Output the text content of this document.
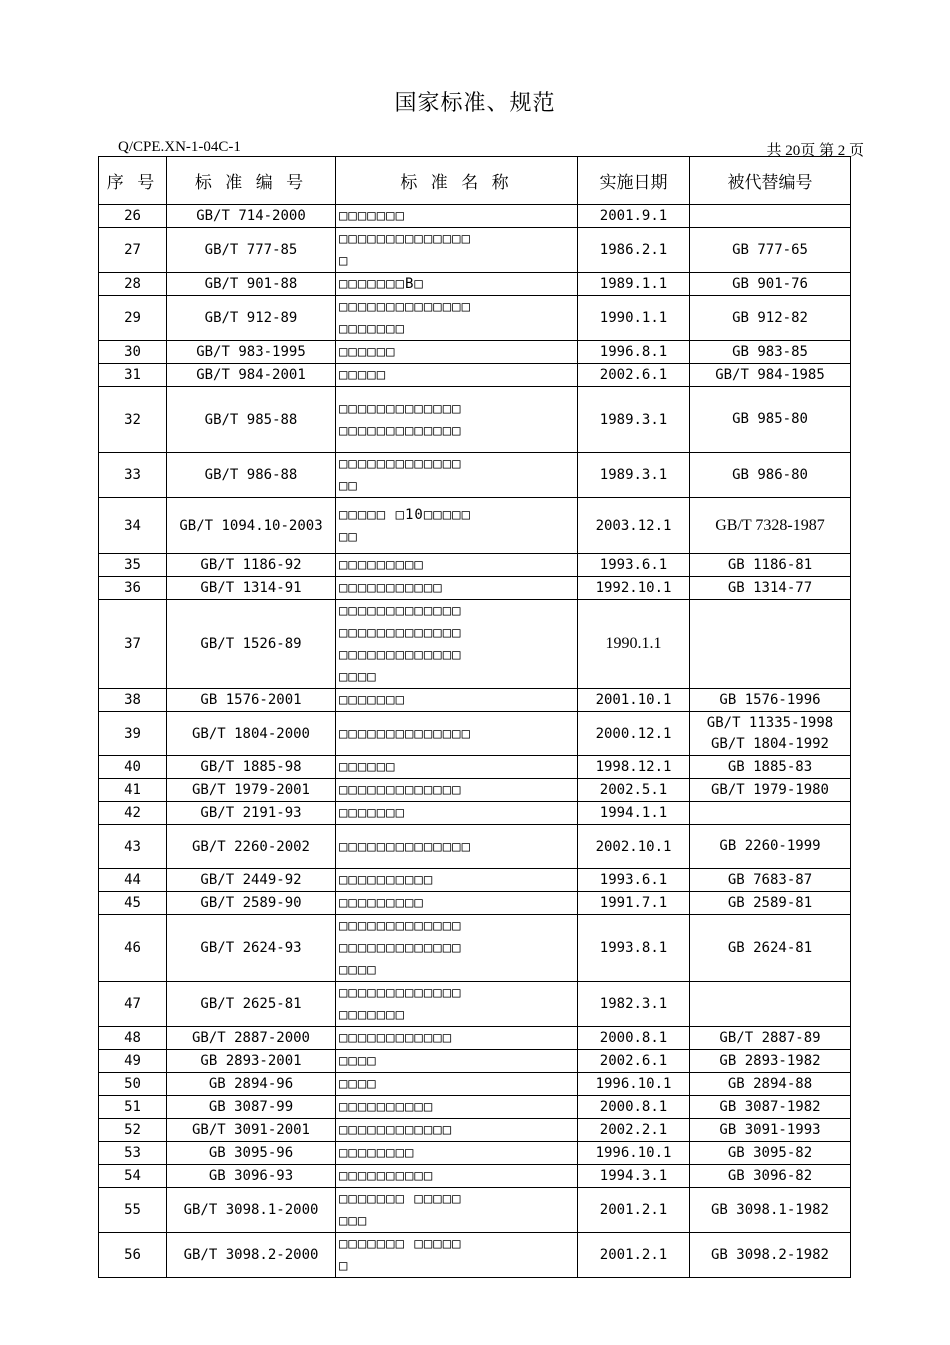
国家标准、规范
Q/CPE.XN-1-04C-1	共 20页 第 2 页
序 号	标 准 编 号	标 准 名 称	实施日期	被代替编号
26	GB/T 714-2000	□□□□□□□	2001.9.1	
27	GB/T 777-85	□□□□□□□□□□□□□□
□	1986.2.1	GB 777-65
28	GB/T 901-88	□□□□□□□B□	1989.1.1	GB 901-76
29	GB/T 912-89	□□□□□□□□□□□□□□
□□□□□□□	1990.1.1	GB 912-82
30	GB/T 983-1995	□□□□□□	1996.8.1	GB 983-85
31	GB/T 984-2001	□□□□□	2002.6.1	GB/T 984-1985
32	GB/T 985-88	□□□□□□□□□□□□□
□□□□□□□□□□□□□	1989.3.1	GB 985-80
33	GB/T 986-88	□□□□□□□□□□□□□
□□	1989.3.1	GB 986-80
34	GB/T 1094.10-2003	□□□□□ □10□□□□□
□□	2003.12.1	GB/T 7328-1987
35	GB/T 1186-92	□□□□□□□□□	1993.6.1	GB 1186-81
36	GB/T 1314-91	□□□□□□□□□□□	1992.10.1	GB 1314-77
37	GB/T 1526-89	□□□□□□□□□□□□□
□□□□□□□□□□□□□
□□□□□□□□□□□□□
□□□□	1990.1.1	
38	GB 1576-2001	□□□□□□□	2001.10.1	GB 1576-1996
39	GB/T 1804-2000	□□□□□□□□□□□□□□	2000.12.1	GB/T 11335-1998
GB/T 1804-1992
40	GB/T 1885-98	□□□□□□	1998.12.1	GB 1885-83
41	GB/T 1979-2001	□□□□□□□□□□□□□	2002.5.1	GB/T 1979-1980
42	GB/T 2191-93	□□□□□□□	1994.1.1	
43	GB/T 2260-2002	□□□□□□□□□□□□□□	2002.10.1	GB 2260-1999
44	GB/T 2449-92	□□□□□□□□□□	1993.6.1	GB 7683-87
45	GB/T 2589-90	□□□□□□□□□	1991.7.1	GB 2589-81
46	GB/T 2624-93	□□□□□□□□□□□□□
□□□□□□□□□□□□□
□□□□	1993.8.1	GB 2624-81
47	GB/T 2625-81	□□□□□□□□□□□□□
□□□□□□□	1982.3.1	
48	GB/T 2887-2000	□□□□□□□□□□□□	2000.8.1	GB/T 2887-89
49	GB 2893-2001	□□□□	2002.6.1	GB 2893-1982
50	GB 2894-96	□□□□	1996.10.1	GB 2894-88
51	GB 3087-99	□□□□□□□□□□	2000.8.1	GB 3087-1982
52	GB/T 3091-2001	□□□□□□□□□□□□	2002.2.1	GB 3091-1993
53	GB 3095-96	□□□□□□□□	1996.10.1	GB 3095-82
54	GB 3096-93	□□□□□□□□□□	1994.3.1	GB 3096-82
55	GB/T 3098.1-2000	□□□□□□□ □□□□□
□□□	2001.2.1	GB 3098.1-1982
56	GB/T 3098.2-2000	□□□□□□□ □□□□□
□	2001.2.1	GB 3098.2-1982
